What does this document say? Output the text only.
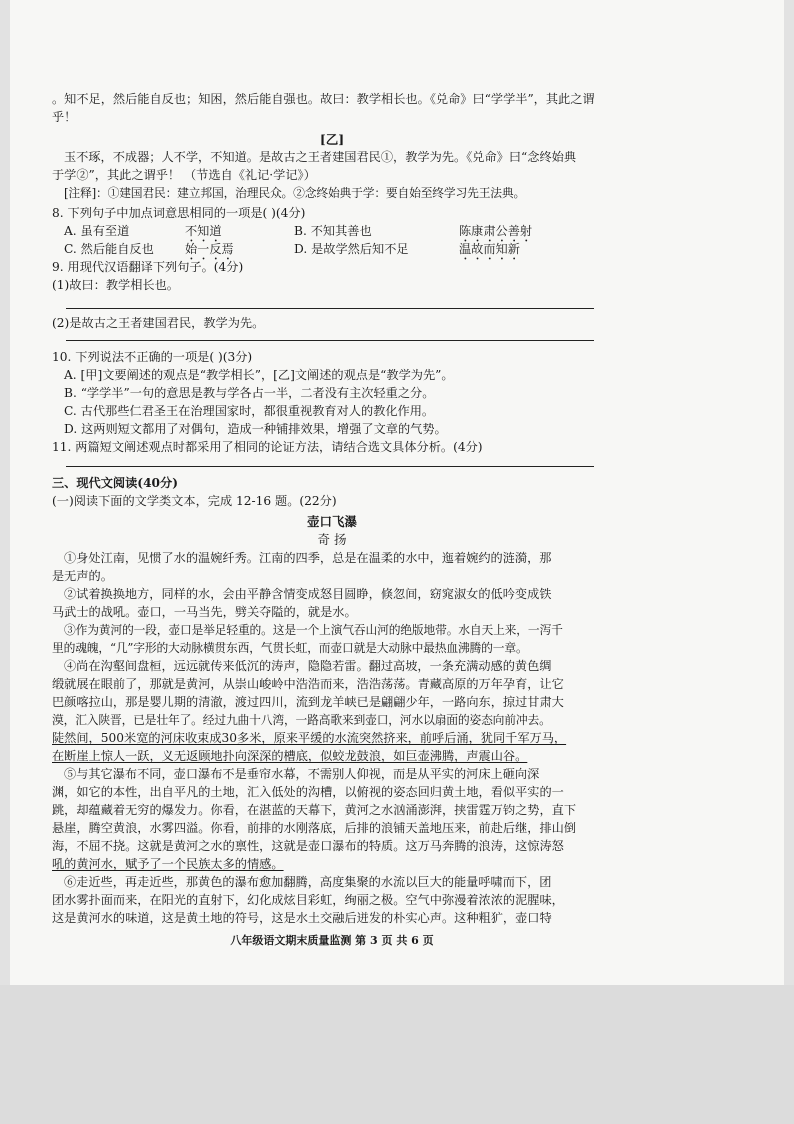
。知不足，然后能自反也；知困，然后能自强也。故曰：教学相长也。《兑命》曰“学学半”，其此之谓
乎！
[乙]
玉不琢，不成器；人不学，不知道。是故古之王者建国君民①，教学为先。《兑命》曰“念终始典
于学②”，其此之谓乎！ （节选自《礼记·学记》）
[注释]：①建国君民：建立邦国，治理民众。②念终始典于学：要自始至终学习先王法典。
8. 下列句子中加点词意思相同的一项是( )(4分)
A. 虽有至道	不知道	B. 不知其善也	陈康肃公善射
C. 然后能自反也	始一反焉	D. 是故学然后知不足	温故而知新
9. 用现代汉语翻译下列句子。(4分)
(1)故曰：教学相长也。
(2)是故古之王者建国君民，教学为先。
10. 下列说法不正确的一项是( )(3分)
A. [甲]文要阐述的观点是“教学相长”，[乙]文阐述的观点是“教学为先”。
B. “学学半”一句的意思是教与学各占一半，二者没有主次轻重之分。
C. 古代那些仁君圣王在治理国家时，都很重视教育对人的教化作用。
D. 这两则短文都用了对偶句，造成一种铺排效果，增强了文章的气势。
11. 两篇短文阐述观点时都采用了相同的论证方法，请结合选文具体分析。(4分)
三、现代文阅读(40分)
(一)阅读下面的文学类文本，完成 12-16 题。(22分)
壶口飞瀑
奇 扬
①身处江南，见惯了水的温婉纤秀。江南的四季，总是在温柔的水中，迤着婉约的涟漪，那
是无声的。
②试着换换地方，同样的水，会由平静含情变成怒目圆睁，倏忽间，窈窕淑女的低吟变成铁
马武士的战吼。壶口，一马当先，劈关夺隘的，就是水。
③作为黄河的一段，壶口是举足轻重的。这是一个上演气吞山河的绝版地带。水自天上来，一泻千
里的魂魄，“几”字形的大动脉横贯东西，气贯长虹，而壶口就是大动脉中最热血沸腾的一章。
④尚在沟壑间盘桓，远远就传来低沉的涛声，隐隐若雷。翻过高坡，一条充满动感的黄色绸
缎就展在眼前了，那就是黄河，从崇山峻岭中浩浩而来，浩浩荡荡。青藏高原的万年孕育，让它
巴颜喀拉山，那是婴儿期的清澈，渡过四川，流到龙羊峡已是翩翩少年，一路向东，掠过甘肃大
漠，汇入陕晋，已是壮年了。经过九曲十八湾，一路高歌来到壶口，河水以扇面的姿态向前冲去。
陡然间，500米宽的河床收束成30多米，原来平缓的水流突然挤来，前呼后涌，犹同千军万马，
在断崖上惊人一跃，义无返顾地扑向深深的槽底，似蛟龙鼓浪，如巨壶沸腾，声震山谷。
⑤与其它瀑布不同，壶口瀑布不是垂帘水幕，不需别人仰视，而是从平实的河床上砸向深
渊，如它的本性，出自平凡的土地，汇入低处的沟槽，以俯视的姿态回归黄土地，看似平实的一
跳，却蕴藏着无穷的爆发力。你看，在湛蓝的天幕下，黄河之水汹涌澎湃，挟雷霆万钧之势，直下
悬崖，腾空黄浪，水雾四溢。你看，前排的水刚落底，后排的浪铺天盖地压来，前赴后继，排山倒
海，不屈不挠。这就是黄河之水的禀性，这就是壶口瀑布的特质。这万马奔腾的浪涛，这惊涛怒
吼的黄河水，赋予了一个民族太多的情感。
⑥走近些，再走近些，那黄色的瀑布愈加翻腾，高度集聚的水流以巨大的能量呼啸而下，团
团水雾扑面而来，在阳光的直射下，幻化成炫目彩虹，绚丽之极。空气中弥漫着浓浓的泥腥味，
这是黄河水的味道，这是黄土地的符号，这是水土交融后迸发的朴实心声。这种粗犷，壶口特
八年级语文期末质量监测 第 3 页 共 6 页
